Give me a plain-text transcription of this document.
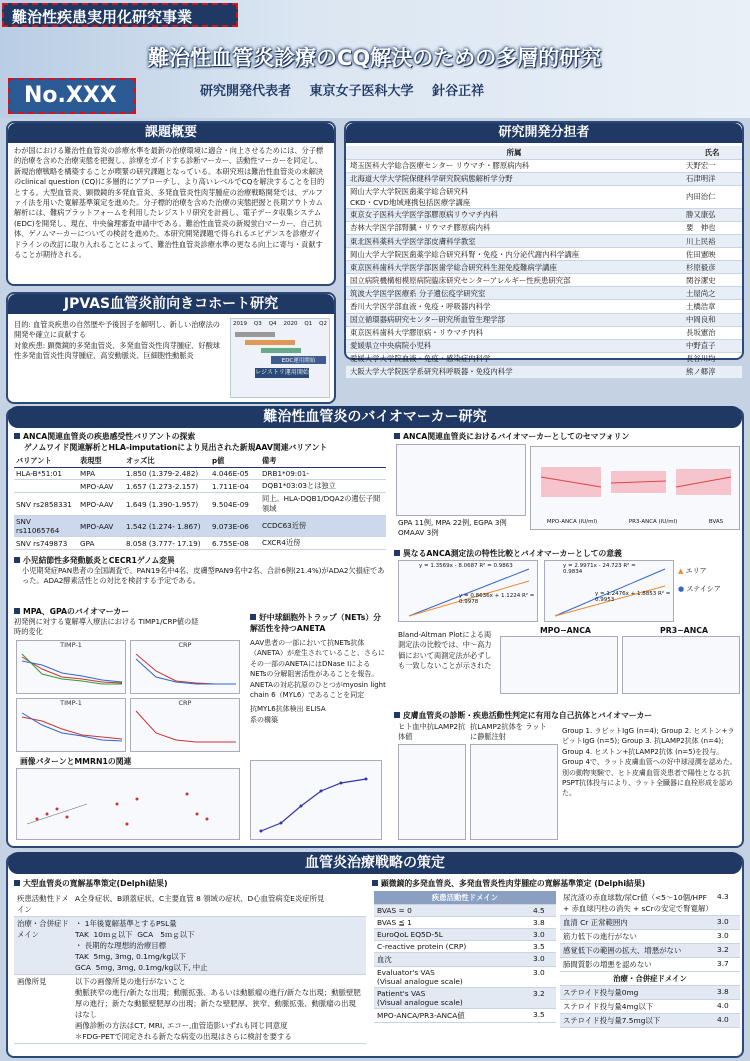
難治性疾患実用化研究事業
難治性血管炎診療のCQ解決のための多層的研究
No.XXX	研究開発代表者 東京女子医科大学 針谷正祥
課題概要
わが国における難治性血管炎の診療水準を最新の治療環境に適合・向上させるためには、分子標的治療を含めた治療実態を把握し、診療をガイドする診断マーカー、活動性マーカーを同定し、新規治療戦略を構築することが喫緊の研究課題となっている。本研究班は難治性血管炎の未解決のclinical question (CQ)に多層的にアプローチし、より高いレベルでCQを解決することを目的とする。大型血管炎、顕微鏡的多発血管炎、多発血管炎性肉芽腫症の治療戦略開発では、デルファイ法を用いた寛解基準策定を進めた。分子標的治療を含めた治療の実態把握と長期アウトカム解析には、難病プラットフォームを利用したレジストリ研究を計画し、電子データ収集システム(EDC)を開発し、現在、中央倫理審査申請中である。難治性血管炎の新規蛍白マーカー、自己抗体、ゲノムマーカーについての検討を進めた。本研究開発課題で得られるエビデンスを診療ガイドラインの改訂に取り入れることによって、難治性血管炎診療水準の更なる向上に寄与・貢献することが期待される。
JPVAS血管炎前向きコホート研究
目的: 血管炎疾患の自然歴や予後因子を解明し、新しい治療法の開発や確立に貢献する
対象疾患: 顕微鏡的多発血管炎、多発血管炎性肉芽腫症、好酸球性多発血管炎性肉芽腫症、高安動脈炎、巨細胞性動脈炎
2019 Q3 Q4 2020 Q1 Q2
EDC運用開始
レジストリ運用開始
研究開発分担者
所属	氏名
埼玉医科大学総合医療センター リウマチ・膠原病内科	天野宏一
北海道大学大学院保健科学研究院病態解析学分野	石津明洋
岡山大学大学院医歯薬学総合研究科
CKD・CVD地域連携包括医療学講座	内田治仁
東京女子医科大学医学部膠原病リウマチ内科	勝又康弘
杏林大学医学部腎臓・リウマチ膠原病内科	要　伸也
東北医科薬科大学医学部皮膚科学教室	川上民裕
岡山大学大学院医歯薬学総合研究科腎・免疫・内分泌代謝内科学講座	佐田憲映
東京医科歯科大学医学部医歯学総合研究科生涯免疫難病学講座	杉原毅彦
国立病院機構相模原病院臨床研究センターアレルギー性疾患研究部	関谷潔史
筑波大学医学医療系 分子遺伝疫学研究室	土屋尚之
香川大学医学部血液・免疫・呼吸器内科学	土橋浩章
国立循環器病研究センター研究所血管生理学部	中岡良和
東京医科歯科大学膠原病・リウマチ内科	長坂憲治
愛媛県立中央病院小児科	中野直子
愛媛大学大学院血液・免疫・感染症内科学	長谷川均
大阪大学大学院医学系研究科呼吸器・免疫内科学	熊ノ郷淳
難治性血管炎のバイオマーカー研究
ANCA関連血管炎の疾患感受性バリアントの探索
ゲノムワイド関連解析とHLA-imputationにより見出された新規AAV関連バリアント
バリアント	表現型	オッズ比	p値	備考
HLA-B*51:01	MPA	1.850 (1.379-2.482)	4.046E-05	DRB1*09:01-
	MPO-AAV	1.657 (1.273-2.157)	1.711E-04	DQB1*03:03とは独立
SNV rs2858331	MPO-AAV	1.649 (1.390-1.957)	9.504E-09	同上。HLA-DQB1/DQA2の遺伝子間領域
SNV rs11065764	MPO-AAV	1.542 (1.274- 1.867)	9.073E-06	CCDC63近傍
SNV rs749873	GPA	8.058 (3.777- 17.19)	6.755E-08	CXCR4近傍
小児結節性多発動脈炎とCECR1ゲノム変異
小児期発症PAN患者の全国調査で、PAN19名中4名、皮膚型PAN9名中2名、合計6例(21.4%)がADA2欠損症であった。ADA2酵素活性との対比を検討する予定である。
MPA、GPAのバイオマーカー
初発例に対する寛解導入療法における TIMP1/CRP値の経時的変化
TIMP-1	CRP
TIMP-1	CRP
画像パターンとMMRN1の関連
好中球細胞外トラップ（NETs）分解活性を持つANETA
AAV患者の一部において抗NETs抗体（ANETA）が産生されていること、さらにその一部のANETAにはDNase Iによる NETsの分解阻害活性があることを報告。ANETAの対応抗原のひとつがmyosin light chain 6（MYL6）であることを同定
抗MYL6抗体検出 ELISA系の構築
ANCA関連血管炎におけるバイオマーカーとしてのセマフォリン
GPA 11例, MPA 22例, EGPA 3例 OMAAV 3例
MPO-ANCA (IU/ml)	PR3-ANCA (IU/ml)	BVAS
異なるANCA測定法の特性比較とバイオマーカーとしての意義
y = 1.3569x - 8.0687 R² = 0.9863
y = 0.8636x + 1.1224 R² = 0.9978
y = 2.9971x - 24.723 R² = 0.9834
y = 1.2476x + 1.8853 R² = 0.9953
▲ エリア
● ステイシア
Bland-Altman Plotによる両測定法の比較では、中～高力価において両測定法が必ずしも一致しないことが示された
MPO−ANCA	PR3−ANCA
皮膚血管炎の診断・疾患活動性判定に有用な自己抗体とバイオマーカー
ヒト血中抗LAMP2抗体値
抗LAMP2抗体を ラットに静脈注射
Group 1. ラビットIgG (n=4); Group 2. ヒストン+ラビットIgG (n=5); Group 3. 抗LAMP2抗体 (n=4); Group 4. ヒストン+抗LAMP2抗体 (n=5)を投与。Group 4で、ラット皮膚血管への好中球浸潤を認めた。
別の動物実験で、ヒト皮膚血管炎患者で陽性となる抗PSPT抗体投与により、ラット全臓器に血栓形成を認めた。
血管炎治療戦略の策定
大型血管炎の寛解基準策定(Delphi結果)
疾患活動性ドメイン	A全身症状、B頭蓋症状、C主要血管 8 領域の症状、D心血管病変E炎症所見
治療・合併症ドメイン	・ 1年後寛解基準とするPSL量
TAK  10ｍｇ以下  GCA   5ｍｇ以下
・ 長期的な理想的治療目標
TAK  5mg, 3mg, 0.1mg/kg以下
GCA  5mg, 3mg, 0.1mg/kg以下, 中止
画像所見	以下の画像所見の進行がないこと
動脈狭窄の進行/新たな出現；動脈拡張、あるいは動脈瘤の進行/新たな出現；動脈壁肥厚の進行；新たな動脈壁肥厚の出現；新たな壁肥厚、狭窄、動脈拡張、動脈瘤の出現はなし
画像診断の方法はCT, MRI, エコー,血管造影いずれも同じ同意度
＊FDG-PETで同定される新たな病変の出現はさらに検討を要する
顕微鏡的多発血管炎、多発血管炎性肉芽腫症の寛解基準策定 (Delphi結果)
疾患活動性ドメイン	
BVAS = 0	4.5
BVAS ≦ 1	3.8
EuroQoL EQ5D-5L	3.0
C-reactive protein (CRP)	3.5
血沈	3.0
Evaluator's VAS
(Visual analogue scale)	3.0
Patient's VAS
(Visual analogue scale)	3.2
MPO-ANCA/PR3-ANCA値	3.5
尿沈渣の赤血球数/尿Cr値（<5～10個/HPF + 赤血球円柱の消失 + sCrの安定で腎寛解）	4.3
血清 Cr 正常範囲内	3.0
筋力低下の進行がない	3.0
感覚低下の範囲の拡大、増悪がない	3.2
肺間質影の増悪を認めない	3.7
治療・合併症ドメイン	
ステロイド投与量0mg	3.8
ステロイド投与量4mg以下	4.0
ステロイド投与量7.5mg以下	4.0
